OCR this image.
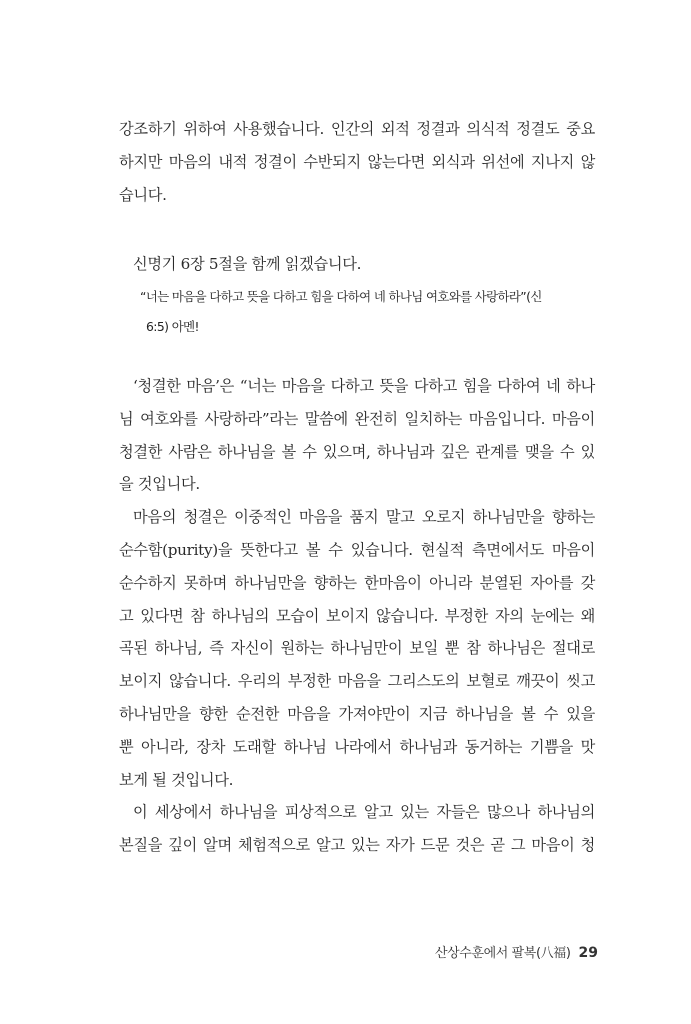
강조하기 위하여 사용했습니다. 인간의 외적 정결과 의식적 정결도 중요
하지만 마음의 내적 정결이 수반되지 않는다면 외식과 위선에 지나지 않
습니다.
신명기 6장 5절을 함께 읽겠습니다.
“너는 마음을 다하고 뜻을 다하고 힘을 다하여 네 하나님 여호와를 사랑하라”(신
6:5) 아멘!
‘청결한 마음’은 “너는 마음을 다하고 뜻을 다하고 힘을 다하여 네 하나
님 여호와를 사랑하라”라는 말씀에 완전히 일치하는 마음입니다. 마음이
청결한 사람은 하나님을 볼 수 있으며, 하나님과 깊은 관계를 맺을 수 있
을 것입니다.
마음의 청결은 이중적인 마음을 품지 말고 오로지 하나님만을 향하는
순수함(purity)을 뜻한다고 볼 수 있습니다. 현실적 측면에서도 마음이
순수하지 못하며 하나님만을 향하는 한마음이 아니라 분열된 자아를 갖
고 있다면 참 하나님의 모습이 보이지 않습니다. 부정한 자의 눈에는 왜
곡된 하나님, 즉 자신이 원하는 하나님만이 보일 뿐 참 하나님은 절대로
보이지 않습니다. 우리의 부정한 마음을 그리스도의 보혈로 깨끗이 씻고
하나님만을 향한 순전한 마음을 가져야만이 지금 하나님을 볼 수 있을
뿐 아니라, 장차 도래할 하나님 나라에서 하나님과 동거하는 기쁨을 맛
보게 될 것입니다.
이 세상에서 하나님을 피상적으로 알고 있는 자들은 많으나 하나님의
본질을 깊이 알며 체험적으로 알고 있는 자가 드문 것은 곧 그 마음이 청
산상수훈에서 팔복(八福) 29
